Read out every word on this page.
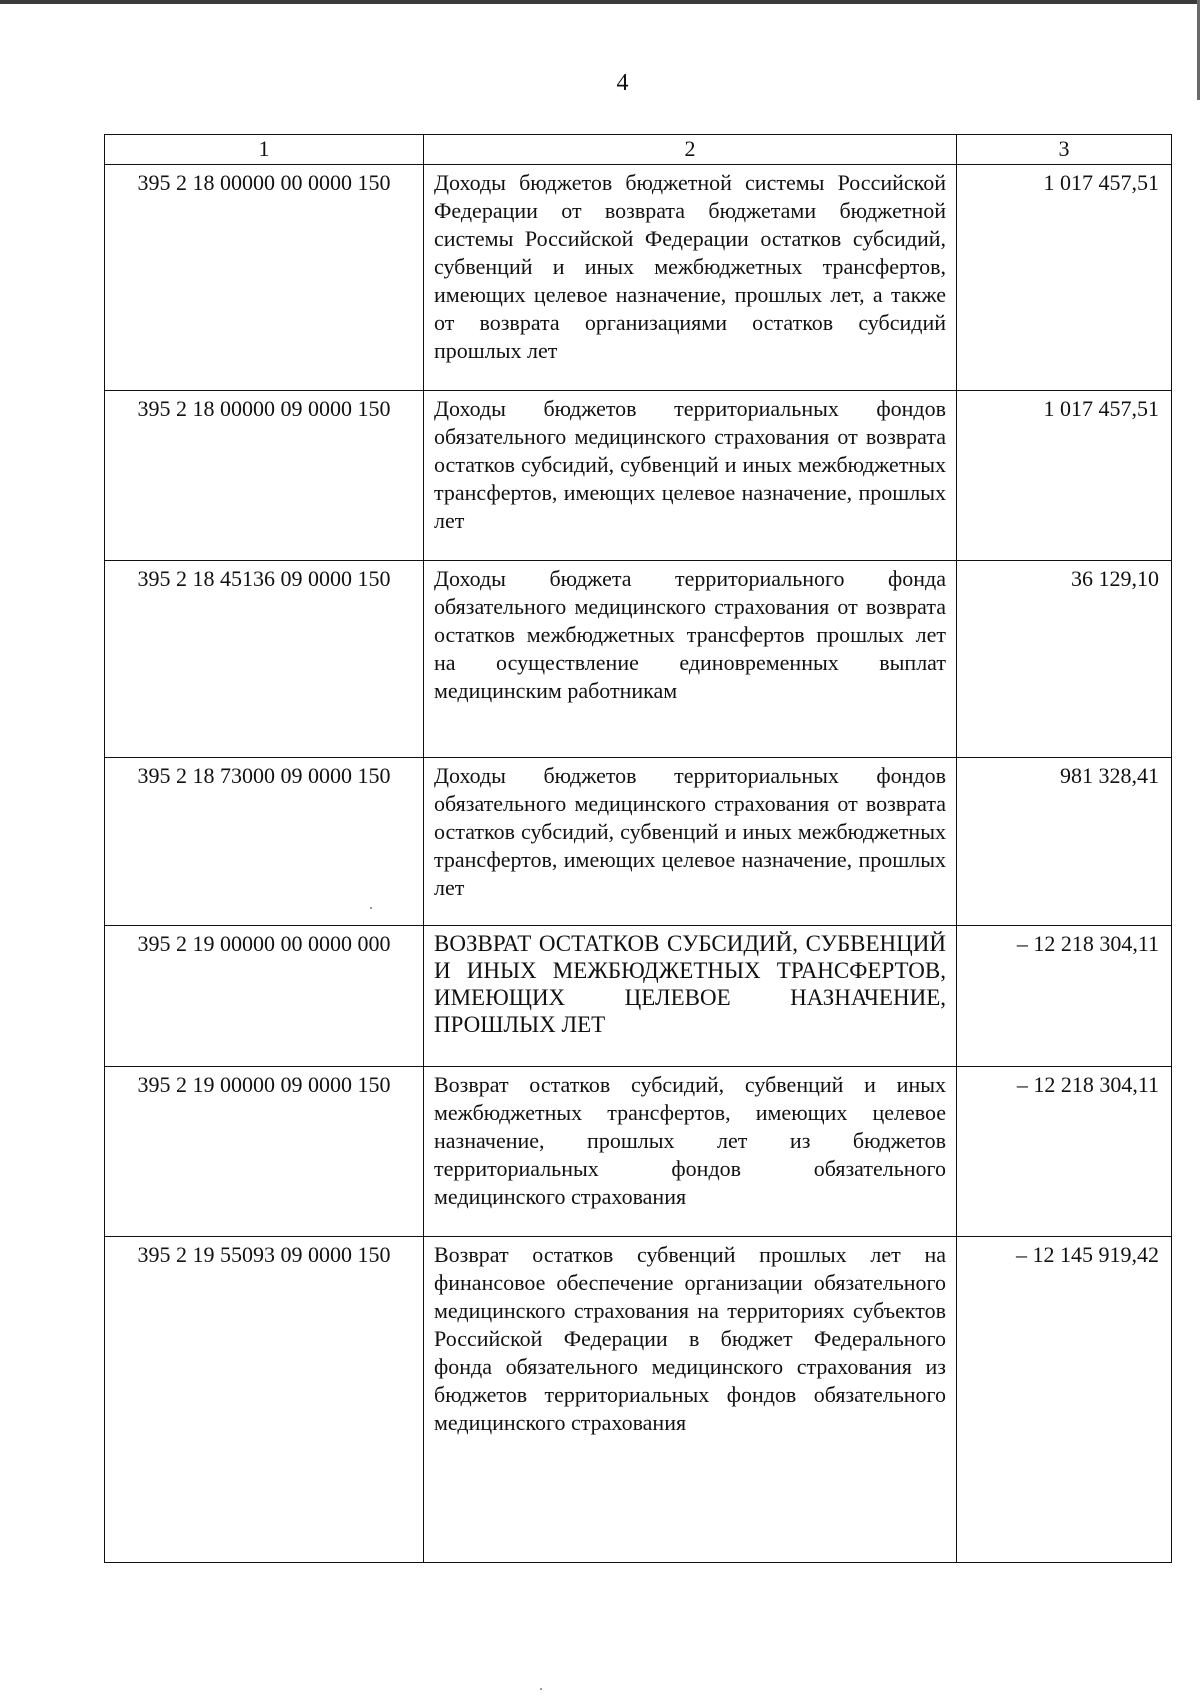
4
1	2	3
395 2 18 00000 00 0000 150	Доходы бюджетов бюджетной системы Российской Федерации от возврата бюджетами бюджетной системы Российской Федерации остатков субсидий, субвенций и иных межбюджетных трансфертов, имеющих целевое назначение, прошлых лет, а также от возврата организациями остатков субсидий прошлых лет	1 017 457,51
395 2 18 00000 09 0000 150	Доходы бюджетов территориальных фондов обязательного медицинского страхования от возврата остатков субсидий, субвенций и иных межбюджетных трансфертов, имеющих целевое назначение, прошлых лет	1 017 457,51
395 2 18 45136 09 0000 150	Доходы бюджета территориального фонда обязательного медицинского страхования от возврата остатков межбюджетных трансфертов прошлых лет на осуществление единовременных выплат медицинским работникам	36 129,10
395 2 18 73000 09 0000 150	Доходы бюджетов территориальных фондов обязательного медицинского страхования от возврата остатков субсидий, субвенций и иных межбюджетных трансфертов, имеющих целевое назначение, прошлых лет	981 328,41
395 2 19 00000 00 0000 000	ВОЗВРАТ ОСТАТКОВ СУБСИДИЙ, СУБВЕНЦИЙ И ИНЫХ МЕЖБЮДЖЕТНЫХ ТРАНСФЕРТОВ, ИМЕЮЩИХ ЦЕЛЕВОЕ НАЗНАЧЕНИЕ, ПРОШЛЫХ ЛЕТ	– 12 218 304,11
395 2 19 00000 09 0000 150	Возврат остатков субсидий, субвенций и иных межбюджетных трансфертов, имеющих целевое назначение, прошлых лет из бюджетов территориальных фондов обязательного медицинского страхования	– 12 218 304,11
395 2 19 55093 09 0000 150	Возврат остатков субвенций прошлых лет на финансовое обеспечение организации обязательного медицинского страхования на территориях субъектов Российской Федерации в бюджет Федерального фонда обязательного медицинского страхования из бюджетов территориальных фондов обязательного медицинского страхования	– 12 145 919,42
